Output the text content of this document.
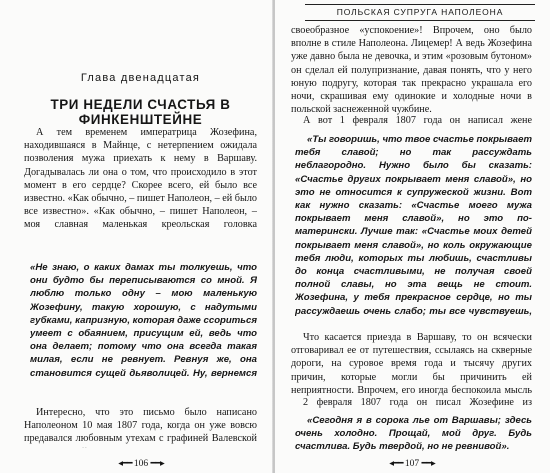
Глава двенадцатая
ТРИ НЕДЕЛИ СЧАСТЬЯ В ФИНКЕНШТЕЙНЕ

А тем временем императрица Жозефина, находившаяся в Майнце, с нетерпением ожидала позволения мужа приехать к нему в Варшаву. Догадывалась ли она о том, что происходило в этот момент в его сердце? Скорее всего, ей было все известно. «Как обычно, – пишет Наполеон, – ей было все известно». «Как обычно, – пишет Наполеон, – моя славная маленькая креольская головка

«Не знаю, о каких дамах ты толкуешь, что они будто бы переписываются со мной. Я люблю только одну – мою маленькую Жозефину, такую хорошую, с надутыми губками, капризную, которая даже ссориться умеет с обаянием, присущим ей, ведь что она делает; потому что она всегда такая милая, если не ревнует. Ревнуя же, она становится сущей дьяволицей. Ну, вернемся

Интересно, что это письмо было написано Наполеоном 10 мая 1807 года, когда он уже вовсю предавался любовным утехам с графиней Валевской

◂━━ 106 ━━▸
ПОЛЬСКАЯ СУПРУГА НАПОЛЕОНА

своеобразное «успокоение»! Впрочем, оно было вполне в стиле Наполеона. Лицемер! А ведь Жозефина уже давно была не девочка, и этим «розовым бутоном» он сделал ей полупризнание, давая понять, что у него юную подругу, которая так прекрасно украшала его ночи, скрашивая ему одинокие и холодные ночи в польской заснеженной чужбине.

А вот 1 февраля 1807 года он написал жене

«Ты говоришь, что твое счастье покрывает тебя славой; но так рассуждать неблагородно. Нужно было бы сказать: «Счастье других покрывает меня славой», но это не относится к супружеской жизни. Вот как нужно сказать: «Счастье моего мужа покрывает меня славой», но это по-матерински. Лучше так: «Счастье моих детей покрывает меня славой», но коль окружающие тебя люди, которых ты любишь, счастливы до конца счастливыми, не получая своей полной славы, но эта вещь не стоит. Жозефина, у тебя прекрасное сердце, но ты рассуждаешь очень слабо; ты все чувствуешь,

Что касается приезда в Варшаву, то он всячески отговаривал ее от путешествия, ссылаясь на скверные дороги, на суровое время года и тысячу других причин, которые могли бы причинить ей неприятности. Впрочем, его иногда беспокоила мысль

2 февраля 1807 года он писал Жозефине из

«Сегодня я в сорока лье от Варшавы; здесь очень холодно. Прощай, мой друг. Будь счастлива. Будь твердой, но не ревнивой».

◂━━ 107 ━━▸
